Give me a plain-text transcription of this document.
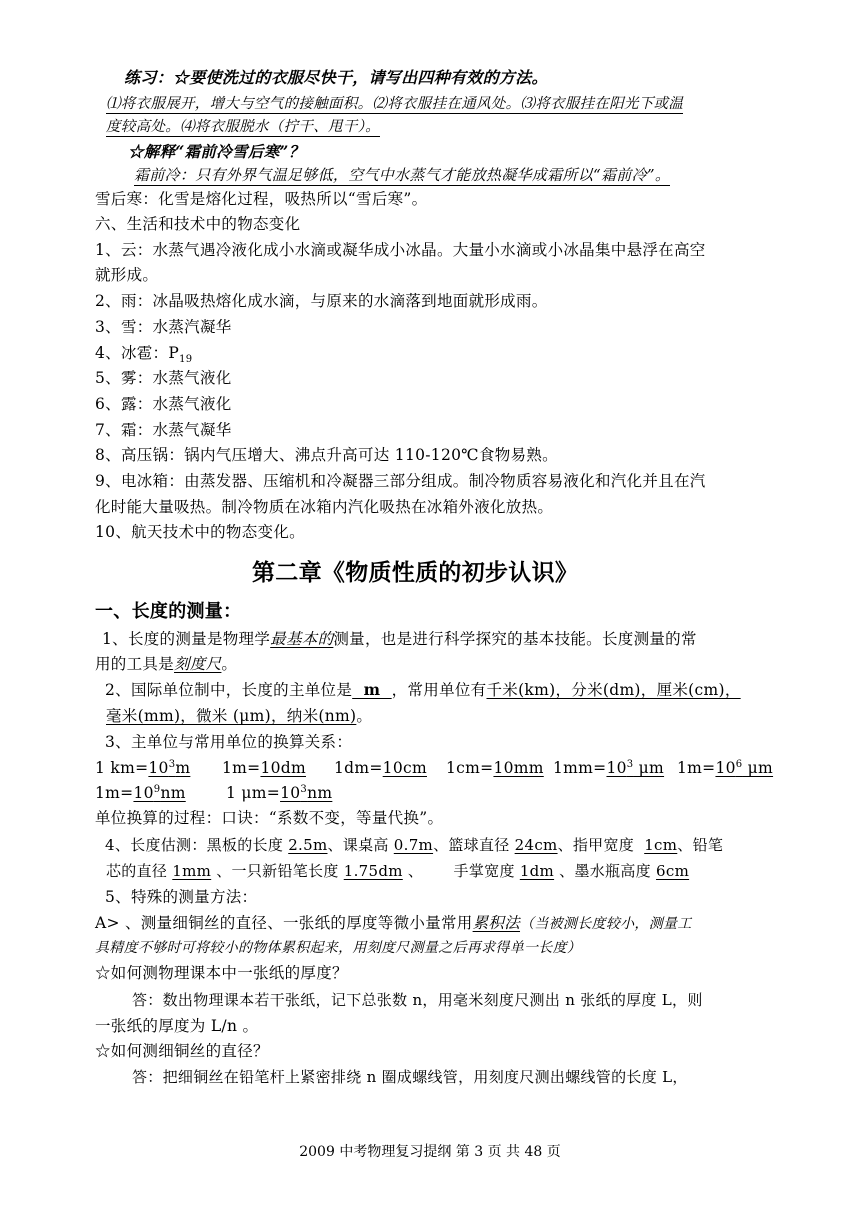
练习：☆要使洗过的衣服尽快干，请写出四种有效的方法。
⑴将衣服展开，增大与空气的接触面积。⑵将衣服挂在通风处。⑶将衣服挂在阳光下或温
度较高处。⑷将衣服脱水（拧干、甩干）。
☆解释“霜前冷雪后寒”？
霜前冷：只有外界气温足够低，空气中水蒸气才能放热凝华成霜所以“霜前冷”。
雪后寒：化雪是熔化过程，吸热所以“雪后寒”。
六、生活和技术中的物态变化
1、云：水蒸气遇冷液化成小水滴或凝华成小冰晶。大量小水滴或小冰晶集中悬浮在高空
就形成。
2、雨：冰晶吸热熔化成水滴，与原来的水滴落到地面就形成雨。
3、雪：水蒸汽凝华
4、冰雹：$P_{19}$
5、雾：水蒸气液化
6、露：水蒸气液化
7、霜：水蒸气凝华
8、高压锅：锅内气压增大、沸点升高可达 110-120℃食物易熟。
9、电冰箱：由蒸发器、压缩机和冷凝器三部分组成。制冷物质容易液化和汽化并且在汽
化时能大量吸热。制冷物质在冰箱内汽化吸热在冰箱外液化放热。
10、航天技术中的物态变化。
第二章《物质性质的初步认识》
一、长度的测量：
1、长度的测量是物理学最基本的测量，也是进行科学探究的基本技能。长度测量的常
用的工具是刻度尺。
2、国际单位制中，长度的主单位是  m  ，常用单位有千米(km)，分米(dm)，厘米(cm)，
毫米(mm)，微米 (μm)，纳米(nm)。
3、主单位与常用单位的换算关系：
1 $km=10^3m$ 1m=10dm 1dm=10cm 1cm=10mm $1mm=10^3$ μm $1m=10^6$ μm
$1m=10^9nm$	1 $\mu m=10^3nm$
单位换算的过程：口诀：“系数不变，等量代换”。
4、长度估测：黑板的长度 2.5m、课桌高 0.7m、篮球直径 24cm、指甲宽度  1cm、铅笔
芯的直径 1mm 、一只新铅笔长度 1.75dm 、      手掌宽度 1dm 、墨水瓶高度 6cm
5、特殊的测量方法：
A> 、测量细铜丝的直径、一张纸的厚度等微小量常用累积法（当被测长度较小，测量工
具精度不够时可将较小的物体累积起来，用刻度尺测量之后再求得单一长度）
☆如何测物理课本中一张纸的厚度？
答：数出物理课本若干张纸，记下总张数 n，用毫米刻度尺测出 n 张纸的厚度 L，则
一张纸的厚度为 L/n 。
☆如何测细铜丝的直径？
答：把细铜丝在铅笔杆上紧密排绕 n 圈成螺线管，用刻度尺测出螺线管的长度 L，
2009 中考物理复习提纲 第 3 页 共 48 页
